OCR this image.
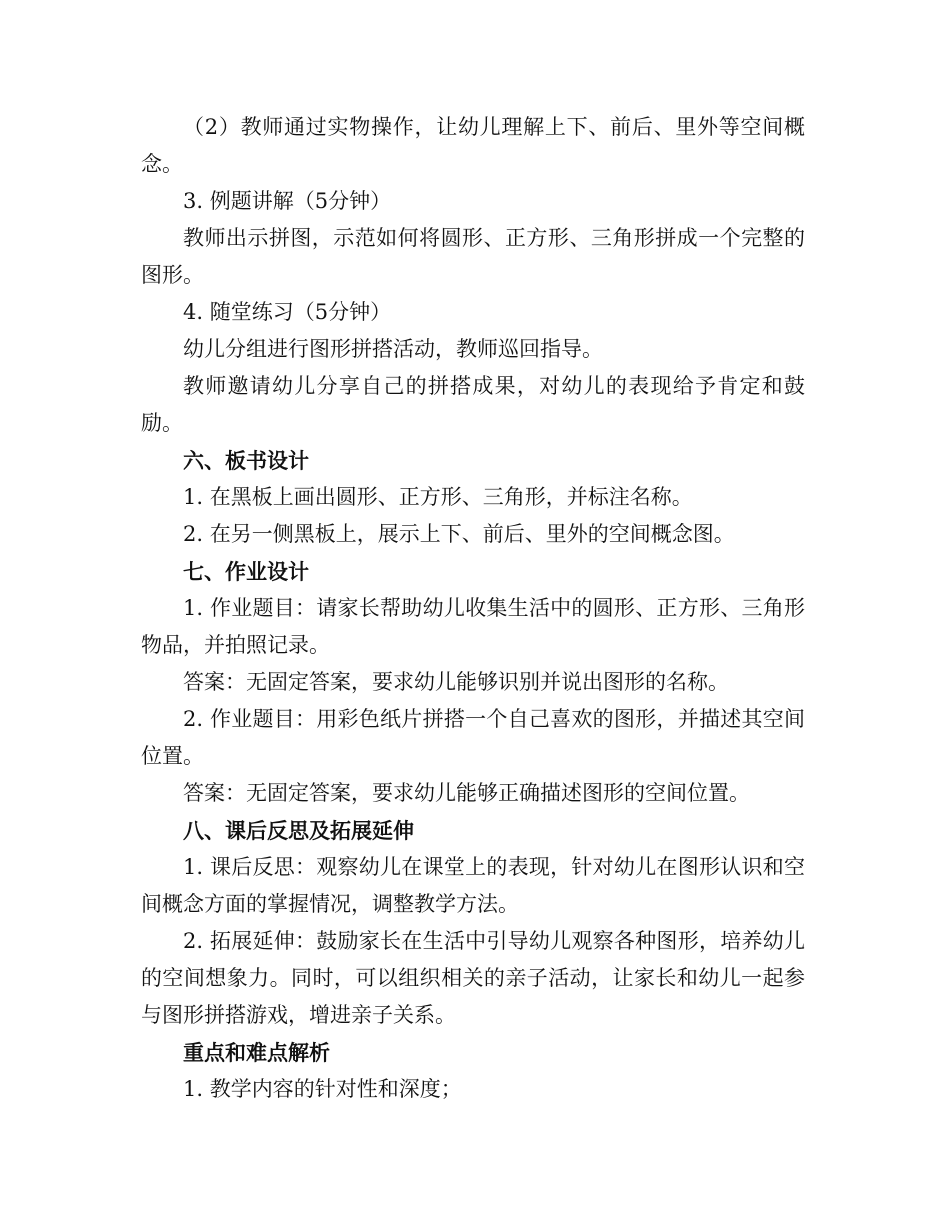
（2）教师通过实物操作，让幼儿理解上下、前后、里外等空间概念。

3. 例题讲解（5分钟）

教师出示拼图，示范如何将圆形、正方形、三角形拼成一个完整的图形。

4. 随堂练习（5分钟）

幼儿分组进行图形拼搭活动，教师巡回指导。

教师邀请幼儿分享自己的拼搭成果，对幼儿的表现给予肯定和鼓励。

六、板书设计

1. 在黑板上画出圆形、正方形、三角形，并标注名称。

2. 在另一侧黑板上，展示上下、前后、里外的空间概念图。

七、作业设计

1. 作业题目：请家长帮助幼儿收集生活中的圆形、正方形、三角形物品，并拍照记录。

答案：无固定答案，要求幼儿能够识别并说出图形的名称。

2. 作业题目：用彩色纸片拼搭一个自己喜欢的图形，并描述其空间位置。

答案：无固定答案，要求幼儿能够正确描述图形的空间位置。

八、课后反思及拓展延伸

1. 课后反思：观察幼儿在课堂上的表现，针对幼儿在图形认识和空间概念方面的掌握情况，调整教学方法。

2. 拓展延伸：鼓励家长在生活中引导幼儿观察各种图形，培养幼儿的空间想象力。同时，可以组织相关的亲子活动，让家长和幼儿一起参与图形拼搭游戏，增进亲子关系。

重点和难点解析

1. 教学内容的针对性和深度；
